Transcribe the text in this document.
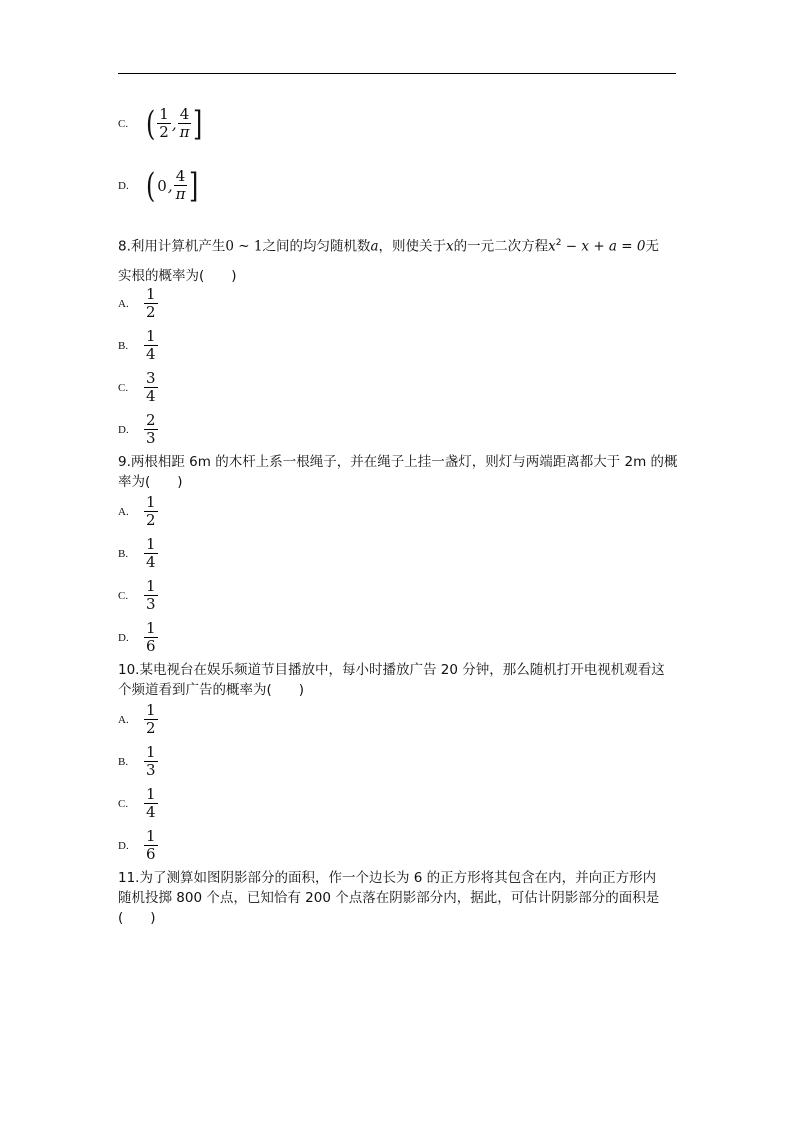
C. ( $\frac{1}{2}$ , $\frac{4}{\pi}$ ]
D. ( 0 , $\frac{4}{\pi}$ ]
8.利用计算机产生0 ~ 1之间的均匀随机数a，则使关于x的一元二次方程$x^2 - x + a = 0$无
实根的概率为(　　)
A.	$\frac{1}{2}$
B.	$\frac{1}{4}$
C.	$\frac{3}{4}$
D.	$\frac{2}{3}$
9.两根相距 6m 的木杆上系一根绳子，并在绳子上挂一盏灯，则灯与两端距离都大于 2m 的概
率为(　　)
A.	$\frac{1}{2}$
B.	$\frac{1}{4}$
C.	$\frac{1}{3}$
D.	$\frac{1}{6}$
10.某电视台在娱乐频道节目播放中，每小时播放广告 20 分钟，那么随机打开电视机观看这
个频道看到广告的概率为(　　)
A.	$\frac{1}{2}$
B.	$\frac{1}{3}$
C.	$\frac{1}{4}$
D.	$\frac{1}{6}$
11.为了测算如图阴影部分的面积，作一个边长为 6 的正方形将其包含在内，并向正方形内
随机投掷 800 个点，已知恰有 200 个点落在阴影部分内，据此，可估计阴影部分的面积是
(　　)
